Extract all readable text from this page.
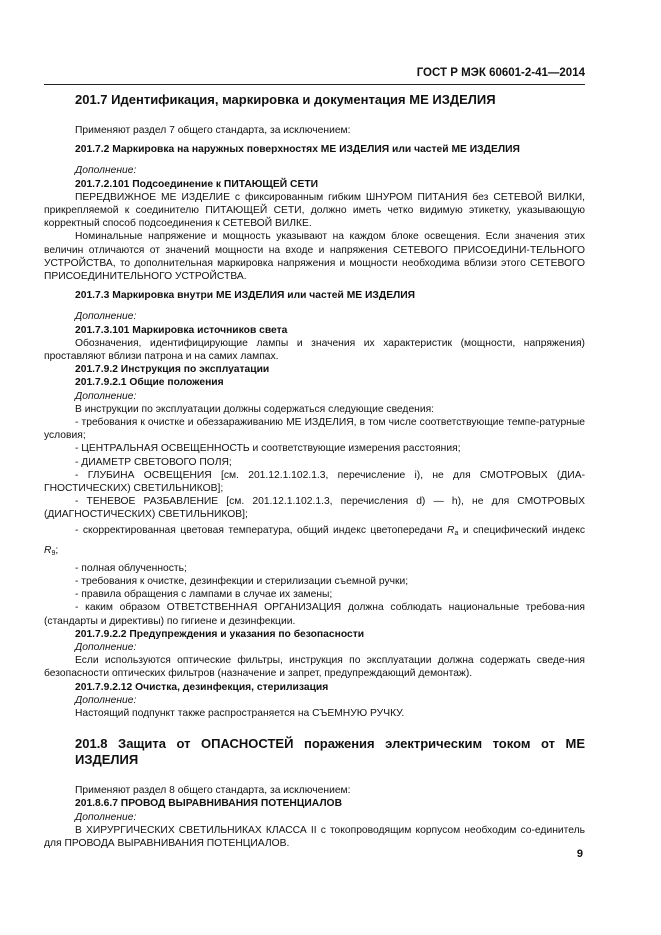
ГОСТ Р МЭК 60601-2-41—2014

201.7 Идентификация, маркировка и документация МЕ ИЗДЕЛИЯ

Применяют раздел 7 общего стандарта, за исключением:

201.7.2 Маркировка на наружных поверхностях МЕ ИЗДЕЛИЯ или частей МЕ ИЗДЕЛИЯ

Дополнение:

201.7.2.101 Подсоединение к ПИТАЮЩЕЙ СЕТИ

ПЕРЕДВИЖНОЕ МЕ ИЗДЕЛИЕ с фиксированным гибким ШНУРОМ ПИТАНИЯ без СЕТЕВОЙ ВИЛКИ, прикрепляемой к соединителю ПИТАЮЩЕЙ СЕТИ, должно иметь четко видимую этикетку, указывающую корректный способ подсоединения к СЕТЕВОЙ ВИЛКЕ.

Номинальные напряжение и мощность указывают на каждом блоке освещения. Если значения этих величин отличаются от значений мощности на входе и напряжения СЕТЕВОГО ПРИСОЕДИНИ-ТЕЛЬНОГО УСТРОЙСТВА, то дополнительная маркировка напряжения и мощности необходима вблизи этого СЕТЕВОГО ПРИСОЕДИНИТЕЛЬНОГО УСТРОЙСТВА.

201.7.3 Маркировка внутри МЕ ИЗДЕЛИЯ или частей МЕ ИЗДЕЛИЯ

Дополнение:

201.7.3.101 Маркировка источников света

Обозначения, идентифицирующие лампы и значения их характеристик (мощности, напряжения) проставляют вблизи патрона и на самих лампах.

201.7.9.2 Инструкция по эксплуатации

201.7.9.2.1 Общие положения

Дополнение:

В инструкции по эксплуатации должны содержаться следующие сведения:

- требования к очистке и обеззараживанию МЕ ИЗДЕЛИЯ, в том числе соответствующие темпе-ратурные условия;

- ЦЕНТРАЛЬНАЯ ОСВЕЩЕННОСТЬ и соответствующие измерения расстояния;

- ДИАМЕТР СВЕТОВОГО ПОЛЯ;

- ГЛУБИНА ОСВЕЩЕНИЯ [см. 201.12.1.102.1.3, перечисление i), не для СМОТРОВЫХ (ДИА-ГНОСТИЧЕСКИХ) СВЕТИЛЬНИКОВ];

- ТЕНЕВОЕ РАЗБАВЛЕНИЕ [см. 201.12.1.102.1.3, перечисления d) — h), не для СМОТРОВЫХ (ДИАГНОСТИЧЕСКИХ) СВЕТИЛЬНИКОВ];

- скорректированная цветовая температура, общий индекс цветопередачи $R_a$ и специфический индекс $R_9$;

- полная облученность;

- требования к очистке, дезинфекции и стерилизации съемной ручки;

- правила обращения с лампами в случае их замены;

- каким образом ОТВЕТСТВЕННАЯ ОРГАНИЗАЦИЯ должна соблюдать национальные требова-ния (стандарты и директивы) по гигиене и дезинфекции.

201.7.9.2.2 Предупреждения и указания по безопасности

Дополнение:

Если используются оптические фильтры, инструкция по эксплуатации должна содержать сведе-ния безопасности оптических фильтров (назначение и запрет, предупреждающий демонтаж).

201.7.9.2.12 Очистка, дезинфекция, стерилизация

Дополнение:

Настоящий подпункт также распространяется на СЪЕМНУЮ РУЧКУ.

201.8 Защита от ОПАСНОСТЕЙ поражения электрическим током от МЕ ИЗДЕЛИЯ

Применяют раздел 8 общего стандарта, за исключением:

201.8.6.7 ПРОВОД ВЫРАВНИВАНИЯ ПОТЕНЦИАЛОВ

Дополнение:

В ХИРУРГИЧЕСКИХ СВЕТИЛЬНИКАХ КЛАССА II с токопроводящим корпусом необходим со-единитель для ПРОВОДА ВЫРАВНИВАНИЯ ПОТЕНЦИАЛОВ.

9
